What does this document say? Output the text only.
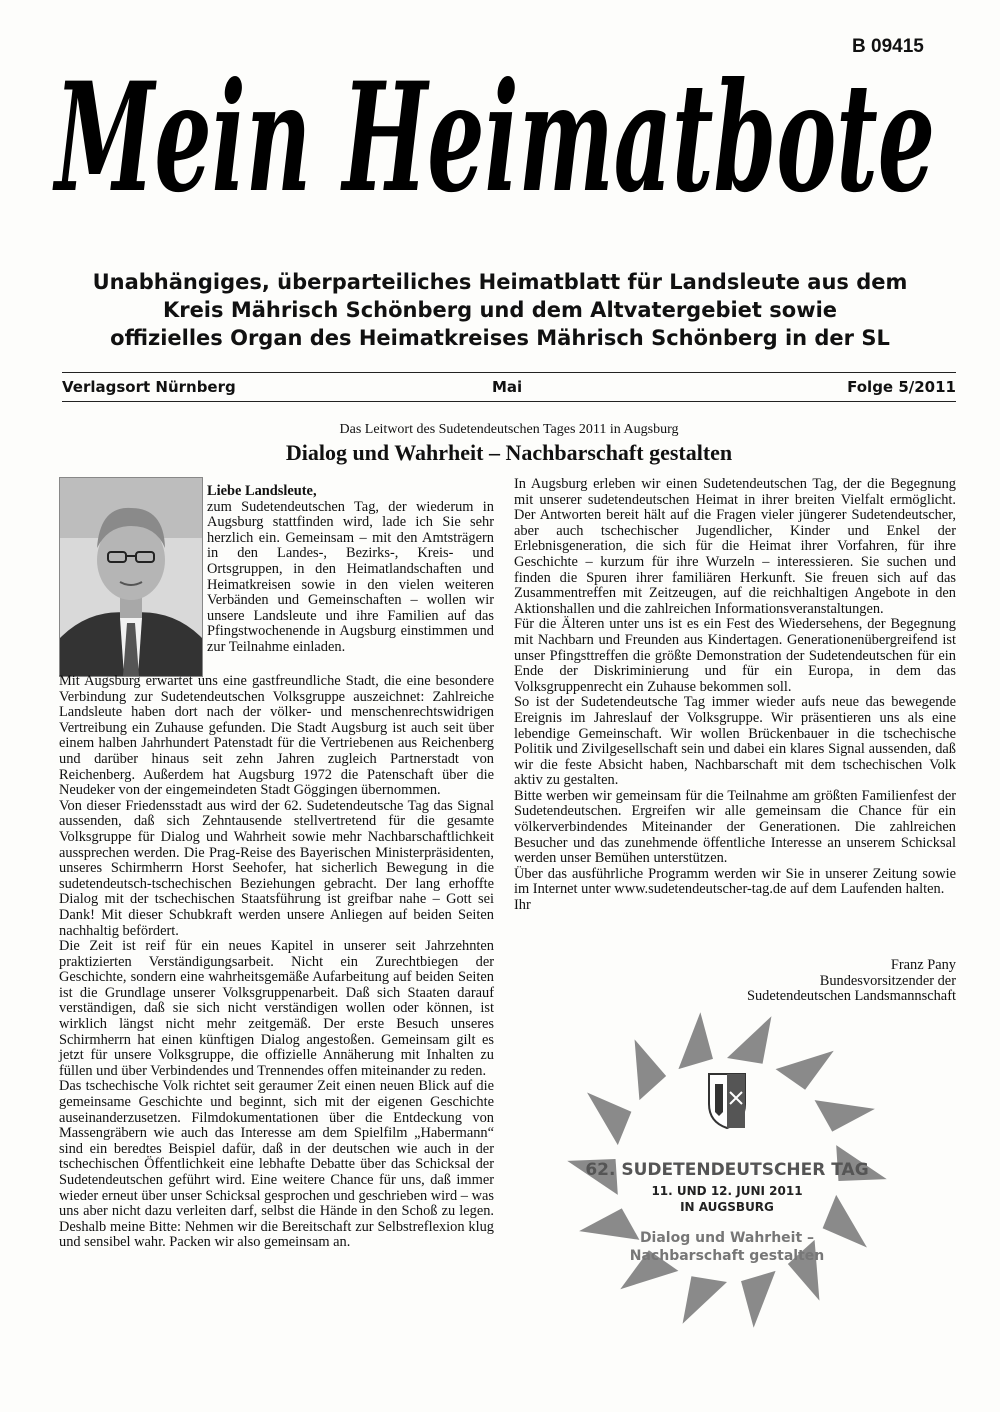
B 09415
Mein Heimatbote
Unabhängiges, überparteiliches Heimatblatt für Landsleute aus dem
Kreis Mährisch Schönberg und dem Altvatergebiet sowie
offizielles Organ des Heimatkreises Mährisch Schönberg in der SL
Verlagsort Nürnberg	Mai	Folge 5/2011
Das Leitwort des Sudetendeutschen Tages 2011 in Augsburg
Dialog und Wahrheit – Nachbarschaft gestalten

Liebe Landsleute,

zum Sudetendeutschen Tag, der wiederum in Augsburg stattfinden wird, lade ich Sie sehr herzlich ein. Gemeinsam – mit den Amtsträgern in den Landes-, Bezirks-, Kreis- und Ortsgruppen, in den Heimatlandschaften und Heimatkreisen sowie in den vielen weiteren Verbänden und Gemeinschaften – wollen wir unsere Landsleute und ihre Familien auf das Pfingstwochenende in Augsburg einstimmen und zur Teilnahme einladen.

Mit Augsburg erwartet uns eine gastfreundliche Stadt, die eine besondere Verbindung zur Sudetendeutschen Volksgruppe auszeichnet: Zahlreiche Landsleute haben dort nach der völker- und menschenrechtswidrigen Vertreibung ein Zuhause gefunden. Die Stadt Augsburg ist auch seit über einem halben Jahrhundert Patenstadt für die Vertriebenen aus Reichenberg und darüber hinaus seit zehn Jahren zugleich Partnerstadt von Reichenberg. Außerdem hat Augsburg 1972 die Patenschaft über die Neudeker von der eingemeindeten Stadt Göggingen übernommen.

Von dieser Friedensstadt aus wird der 62. Sudetendeutsche Tag das Signal aussenden, daß sich Zehntausende stellvertretend für die gesamte Volksgruppe für Dialog und Wahrheit sowie mehr Nachbarschaftlichkeit aussprechen werden. Die Prag-Reise des Bayerischen Ministerpräsidenten, unseres Schirmherrn Horst Seehofer, hat sicherlich Bewegung in die sudetendeutsch-tschechischen Beziehungen gebracht. Der lang erhoffte Dialog mit der tschechischen Staatsführung ist greifbar nahe – Gott sei Dank! Mit dieser Schubkraft werden unsere Anliegen auf beiden Seiten nachhaltig befördert.

Die Zeit ist reif für ein neues Kapitel in unserer seit Jahrzehnten praktizierten Verständigungsarbeit. Nicht ein Zurechtbiegen der Geschichte, sondern eine wahrheitsgemäße Aufarbeitung auf beiden Seiten ist die Grundlage unserer Volksgruppenarbeit. Daß sich Staaten darauf verständigen, daß sie sich nicht verständigen wollen oder können, ist wirklich längst nicht mehr zeitgemäß. Der erste Besuch unseres Schirmherrn hat einen künftigen Dialog angestoßen. Gemeinsam gilt es jetzt für unsere Volksgruppe, die offizielle Annäherung mit Inhalten zu füllen und über Verbindendes und Trennendes offen miteinander zu reden.

Das tschechische Volk richtet seit geraumer Zeit einen neuen Blick auf die gemeinsame Geschichte und beginnt, sich mit der eigenen Geschichte auseinanderzusetzen. Filmdokumentationen über die Entdeckung von Massengräbern wie auch das Interesse am dem Spielfilm „Habermann“ sind ein beredtes Beispiel dafür, daß in der deutschen wie auch in der tschechischen Öffentlichkeit eine lebhafte Debatte über das Schicksal der Sudetendeutschen geführt wird. Eine weitere Chance für uns, daß immer wieder erneut über unser Schicksal gesprochen und geschrieben wird – was uns aber nicht dazu verleiten darf, selbst die Hände in den Schoß zu legen. Deshalb meine Bitte: Nehmen wir die Bereitschaft zur Selbstreflexion klug und sensibel wahr. Packen wir also gemeinsam an.

In Augsburg erleben wir einen Sudetendeutschen Tag, der die Begegnung mit unserer sudetendeutschen Heimat in ihrer breiten Vielfalt ermöglicht. Der Antworten bereit hält auf die Fragen vieler jüngerer Sudetendeutscher, aber auch tschechischer Jugendlicher, Kinder und Enkel der Erlebnisgeneration, die sich für die Heimat ihrer Vorfahren, für ihre Geschichte – kurzum für ihre Wurzeln – interessieren. Sie suchen und finden die Spuren ihrer familiären Herkunft. Sie freuen sich auf das Zusammentreffen mit Zeitzeugen, auf die reichhaltigen Angebote in den Aktionshallen und die zahlreichen Informationsveranstaltungen.

Für die Älteren unter uns ist es ein Fest des Wiedersehens, der Begegnung mit Nachbarn und Freunden aus Kindertagen. Generationenübergreifend ist unser Pfingsttreffen die größte Demonstration der Sudetendeutschen für ein Ende der Diskriminierung und für ein Europa, in dem das Volksgruppenrecht ein Zuhause bekommen soll.

So ist der Sudetendeutsche Tag immer wieder aufs neue das bewegende Ereignis im Jahreslauf der Volksgruppe. Wir präsentieren uns als eine lebendige Gemeinschaft. Wir wollen Brückenbauer in die tschechische Politik und Zivilgesellschaft sein und dabei ein klares Signal aussenden, daß wir die feste Absicht haben, Nachbarschaft mit dem tschechischen Volk aktiv zu gestalten.

Bitte werben wir gemeinsam für die Teilnahme am größten Familienfest der Sudetendeutschen. Ergreifen wir alle gemeinsam die Chance für ein völkerverbindendes Miteinander der Generationen. Die zahlreichen Besucher und das zunehmende öffentliche Interesse an unserem Schicksal werden unser Bemühen unterstützen.

Über das ausführliche Programm werden wir Sie in unserer Zeitung sowie im Internet unter www.sudetendeutscher-tag.de auf dem Laufenden halten.

Ihr

Franz Pany
Bundesvorsitzender der
Sudetendeutschen Landsmannschaft
62. SUDETENDEUTSCHER TAG
11. UND 12. JUNI 2011
IN AUGSBURG
Dialog und Wahrheit –
Nachbarschaft gestalten
